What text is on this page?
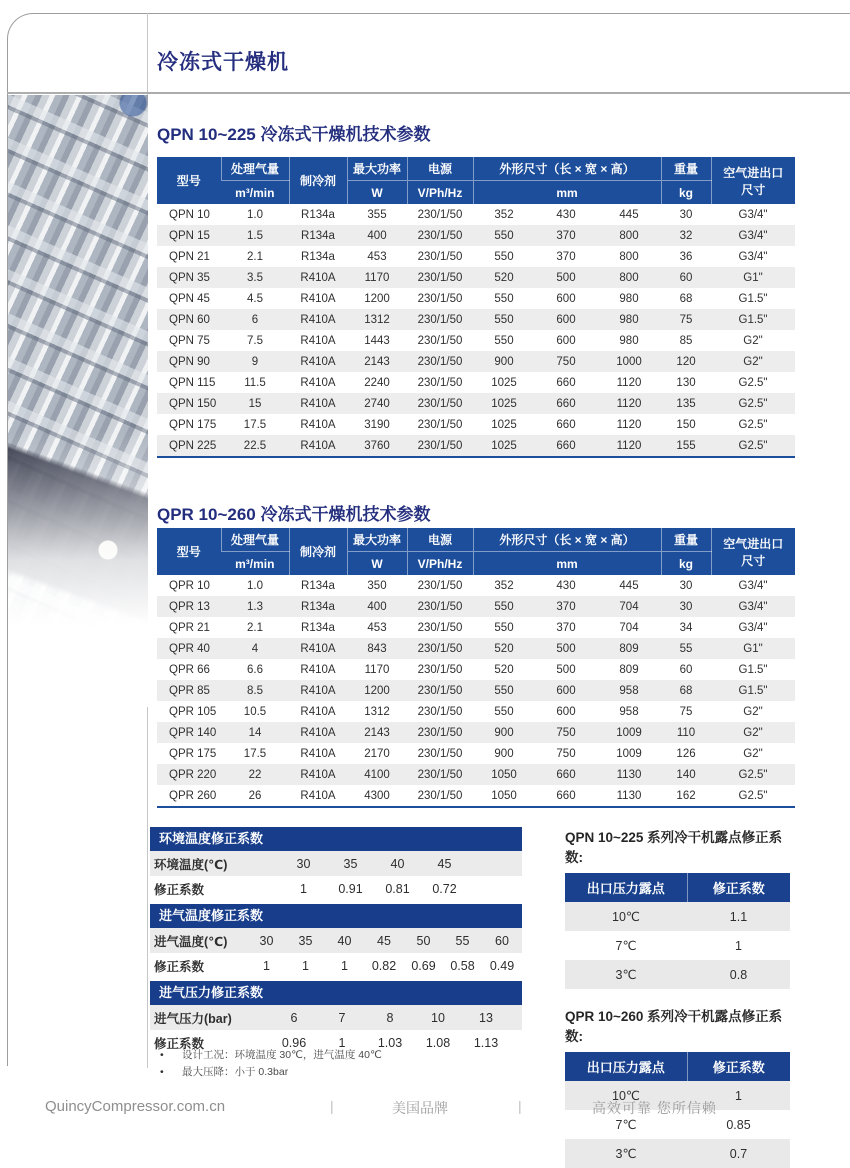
冷冻式干燥机
QPN 10~225 冷冻式干燥机技术参数
型号	处理气量	制冷剂	最大功率	电源	外形尺寸（长 × 宽 × 高）			重量	空气进出口
尺寸
	m³/min		W	V/Ph/Hz	mm			kg	
QPN 10	1.0	R134a	355	230/1/50	352	430	445	30	G3/4"
QPN 15	1.5	R134a	400	230/1/50	550	370	800	32	G3/4"
QPN 21	2.1	R134a	453	230/1/50	550	370	800	36	G3/4"
QPN 35	3.5	R410A	1170	230/1/50	520	500	800	60	G1"
QPN 45	4.5	R410A	1200	230/1/50	550	600	980	68	G1.5"
QPN 60	6	R410A	1312	230/1/50	550	600	980	75	G1.5"
QPN 75	7.5	R410A	1443	230/1/50	550	600	980	85	G2"
QPN 90	9	R410A	2143	230/1/50	900	750	1000	120	G2"
QPN 115	11.5	R410A	2240	230/1/50	1025	660	1120	130	G2.5"
QPN 150	15	R410A	2740	230/1/50	1025	660	1120	135	G2.5"
QPN 175	17.5	R410A	3190	230/1/50	1025	660	1120	150	G2.5"
QPN 225	22.5	R410A	3760	230/1/50	1025	660	1120	155	G2.5"
QPR 10~260 冷冻式干燥机技术参数
型号	处理气量	制冷剂	最大功率	电源	外形尺寸（长 × 宽 × 高）			重量	空气进出口
尺寸
	m³/min		W	V/Ph/Hz	mm			kg	
QPR 10	1.0	R134a	350	230/1/50	352	430	445	30	G3/4"
QPR 13	1.3	R134a	400	230/1/50	550	370	704	30	G3/4"
QPR 21	2.1	R134a	453	230/1/50	550	370	704	34	G3/4"
QPR 40	4	R410A	843	230/1/50	520	500	809	55	G1"
QPR 66	6.6	R410A	1170	230/1/50	520	500	809	60	G1.5"
QPR 85	8.5	R410A	1200	230/1/50	550	600	958	68	G1.5"
QPR 105	10.5	R410A	1312	230/1/50	550	600	958	75	G2"
QPR 140	14	R410A	2143	230/1/50	900	750	1009	110	G2"
QPR 175	17.5	R410A	2170	230/1/50	900	750	1009	126	G2"
QPR 220	22	R410A	4100	230/1/50	1050	660	1130	140	G2.5"
QPR 260	26	R410A	4300	230/1/50	1050	660	1130	162	G2.5"
环境温度修正系数
环境温度(℃)	30	35	40	45	
修正系数	1	0.91	0.81	0.72	
进气温度修正系数
进气温度(℃)	30	35	40	45	50	55	60
修正系数	1	1	1	0.82	0.69	0.58	0.49
进气压力修正系数
进气压力(bar)	6	7	8	10	13	
修正系数	0.96	1	1.03	1.08	1.13	
• 设计工况：环境温度 30℃，进气温度 40℃
• 最大压降：小于 0.3bar
QPN 10~225 系列冷干机露点修正系数:
出口压力露点	修正系数
10℃	1.1
7℃	1
3℃	0.8
QPR 10~260 系列冷干机露点修正系数:
出口压力露点	修正系数
10℃	1
7℃	0.85
3℃	0.7
QuincyCompressor.com.cn	|	美国品牌	|	高效可靠 您所信赖
